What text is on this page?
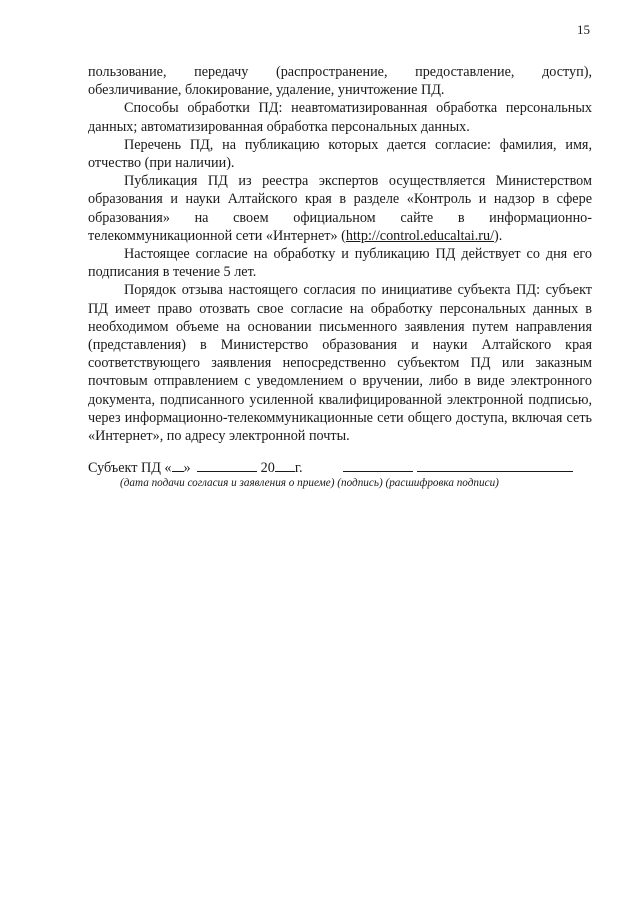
15

пользование, передачу (распространение, предоставление, доступ), обезличивание, блокирование, удаление, уничтожение ПД.

Способы обработки ПД: неавтоматизированная обработка персональных данных; автоматизированная обработка персональных данных.

Перечень ПД, на публикацию которых дается согласие: фамилия, имя, отчество (при наличии).

Публикация ПД из реестра экспертов осуществляется Министерством образования и науки Алтайского края в разделе «Контроль и надзор в сфере образования» на своем официальном сайте в информационно-телекоммуникационной сети «Интернет» (http://control.educaltai.ru/).

Настоящее согласие на обработку и публикацию ПД действует со дня его подписания в течение 5 лет.

Порядок отзыва настоящего согласия по инициативе субъекта ПД: субъект ПД имеет право отозвать свое согласие на обработку персональных данных в необходимом объеме на основании письменного заявления путем направления (представления) в Министерство образования и науки Алтайского края соответствующего заявления непосредственно субъектом ПД или заказным почтовым отправлением с уведомлением о вручении, либо в виде электронного документа, подписанного усиленной квалифицированной электронной подписью, через информационно-телекоммуникационные сети общего доступа, включая сеть «Интернет», по адресу электронной почты.

Субъект ПД « »	20 г.
(дата подачи согласия и заявления о приеме) (подпись) (расшифровка подписи)
